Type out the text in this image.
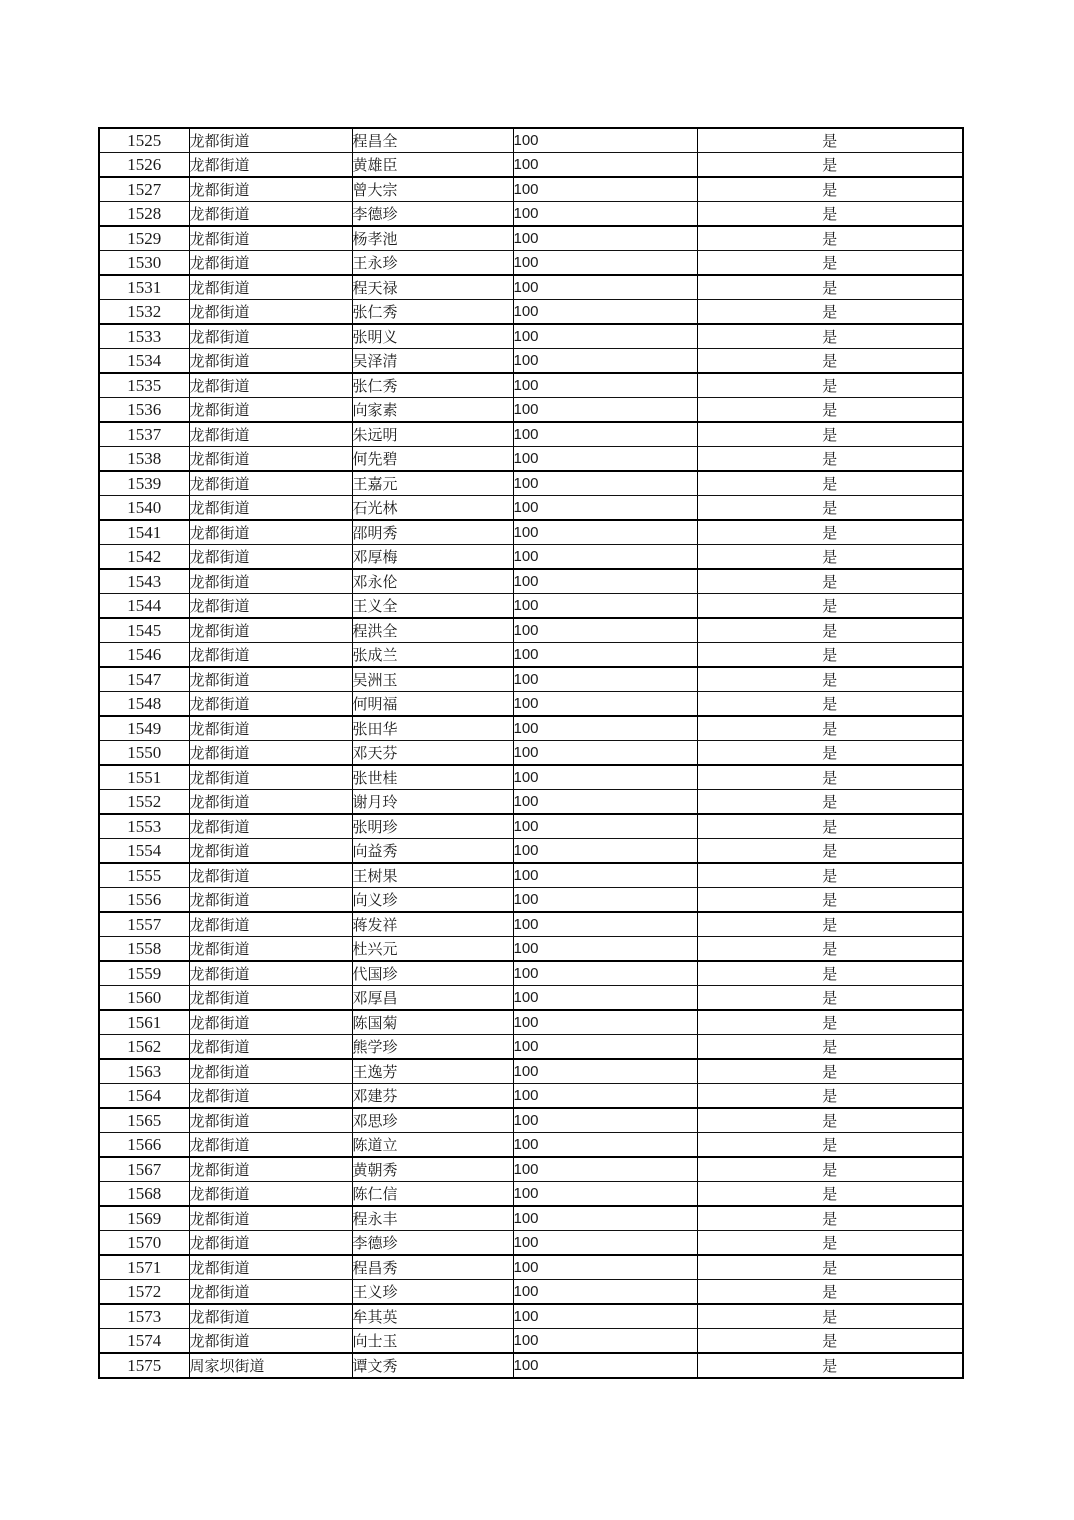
1525	龙都街道	程昌全	100	是
1526	龙都街道	黄雄臣	100	是
1527	龙都街道	曾大宗	100	是
1528	龙都街道	李德珍	100	是
1529	龙都街道	杨孝池	100	是
1530	龙都街道	王永珍	100	是
1531	龙都街道	程天禄	100	是
1532	龙都街道	张仁秀	100	是
1533	龙都街道	张明义	100	是
1534	龙都街道	吴泽清	100	是
1535	龙都街道	张仁秀	100	是
1536	龙都街道	向家素	100	是
1537	龙都街道	朱远明	100	是
1538	龙都街道	何先碧	100	是
1539	龙都街道	王嘉元	100	是
1540	龙都街道	石光林	100	是
1541	龙都街道	邵明秀	100	是
1542	龙都街道	邓厚梅	100	是
1543	龙都街道	邓永伦	100	是
1544	龙都街道	王义全	100	是
1545	龙都街道	程洪全	100	是
1546	龙都街道	张成兰	100	是
1547	龙都街道	吴洲玉	100	是
1548	龙都街道	何明福	100	是
1549	龙都街道	张田华	100	是
1550	龙都街道	邓天芬	100	是
1551	龙都街道	张世桂	100	是
1552	龙都街道	谢月玲	100	是
1553	龙都街道	张明珍	100	是
1554	龙都街道	向益秀	100	是
1555	龙都街道	王树果	100	是
1556	龙都街道	向义珍	100	是
1557	龙都街道	蒋发祥	100	是
1558	龙都街道	杜兴元	100	是
1559	龙都街道	代国珍	100	是
1560	龙都街道	邓厚昌	100	是
1561	龙都街道	陈国菊	100	是
1562	龙都街道	熊学珍	100	是
1563	龙都街道	王逸芳	100	是
1564	龙都街道	邓建芬	100	是
1565	龙都街道	邓思珍	100	是
1566	龙都街道	陈道立	100	是
1567	龙都街道	黄朝秀	100	是
1568	龙都街道	陈仁信	100	是
1569	龙都街道	程永丰	100	是
1570	龙都街道	李德珍	100	是
1571	龙都街道	程昌秀	100	是
1572	龙都街道	王义珍	100	是
1573	龙都街道	牟其英	100	是
1574	龙都街道	向士玉	100	是
1575	周家坝街道	谭文秀	100	是
